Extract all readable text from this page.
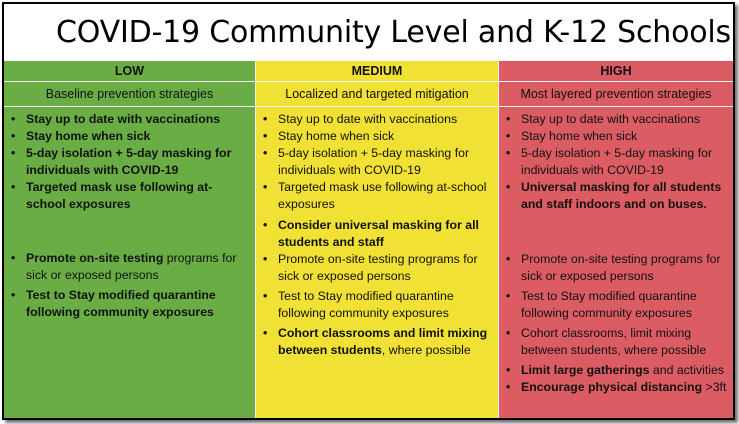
COVID-19 Community Level and K-12 Schools
LOW
Baseline prevention strategies
• Stay up to date with vaccinations
• Stay home when sick
• 5-day isolation + 5-day masking for individuals with COVID-19
• Targeted mask use following at-school exposures
• Promote on-site testing programs for sick or exposed persons
• Test to Stay modified quarantine following community exposures
MEDIUM
Localized and targeted mitigation
• Stay up to date with vaccinations
• Stay home when sick
• 5-day isolation + 5-day masking for individuals with COVID-19
• Targeted mask use following at-school exposures
• Consider universal masking for all students and staff
• Promote on-site testing programs for sick or exposed persons
• Test to Stay modified quarantine following community exposures
• Cohort classrooms and limit mixing between students, where possible
HIGH
Most layered prevention strategies
• Stay up to date with vaccinations
• Stay home when sick
• 5-day isolation + 5-day masking for individuals with COVID-19
• Universal masking for all students and staff indoors and on buses.
• Promote on-site testing programs for sick or exposed persons
• Test to Stay modified quarantine following community exposures
• Cohort classrooms, limit mixing between students, where possible
• Limit large gatherings and activities
• Encourage physical distancing >3ft
